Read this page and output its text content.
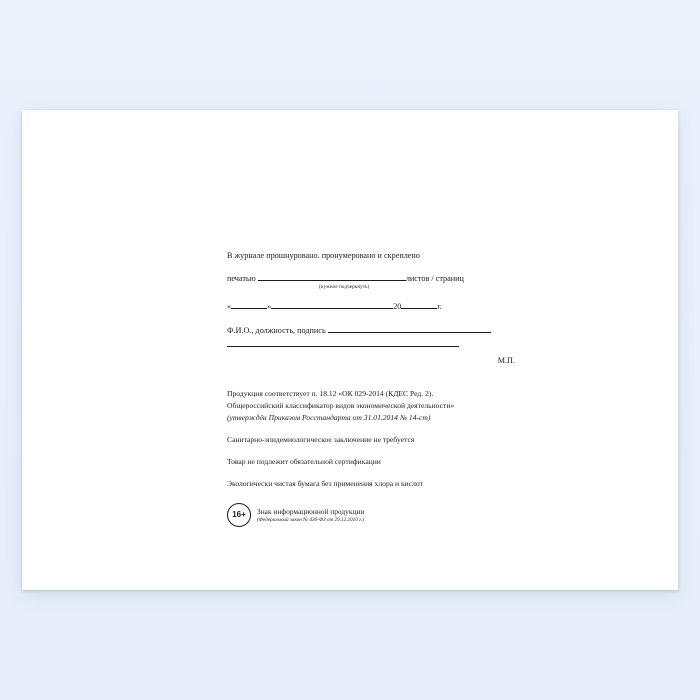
В журнале прошнуровано. пронумеровано и скреплено
печатью	листов / страниц
(нужное подчеркнуть)
«	»	20	г.
Ф.И.О., должность, подпись
М.П.

Продукция соответствует п. 18.12 «ОК 029-2014 (КДЕС Ред. 2).

Общероссийский классификатор видов экономической деятельности»

(утверждён Приказом Росстандарта от 31.01.2014 № 14-ст)

Санитарно-эпидемиологическое заключение не требуется

Товар не подлежит обязательной сертификации

Экологически чистая бумага без применения хлора и кислот

16+	Знак информационной продукции
(Федеральный закон № 436-ФЗ от 29.12.2010 г.)
